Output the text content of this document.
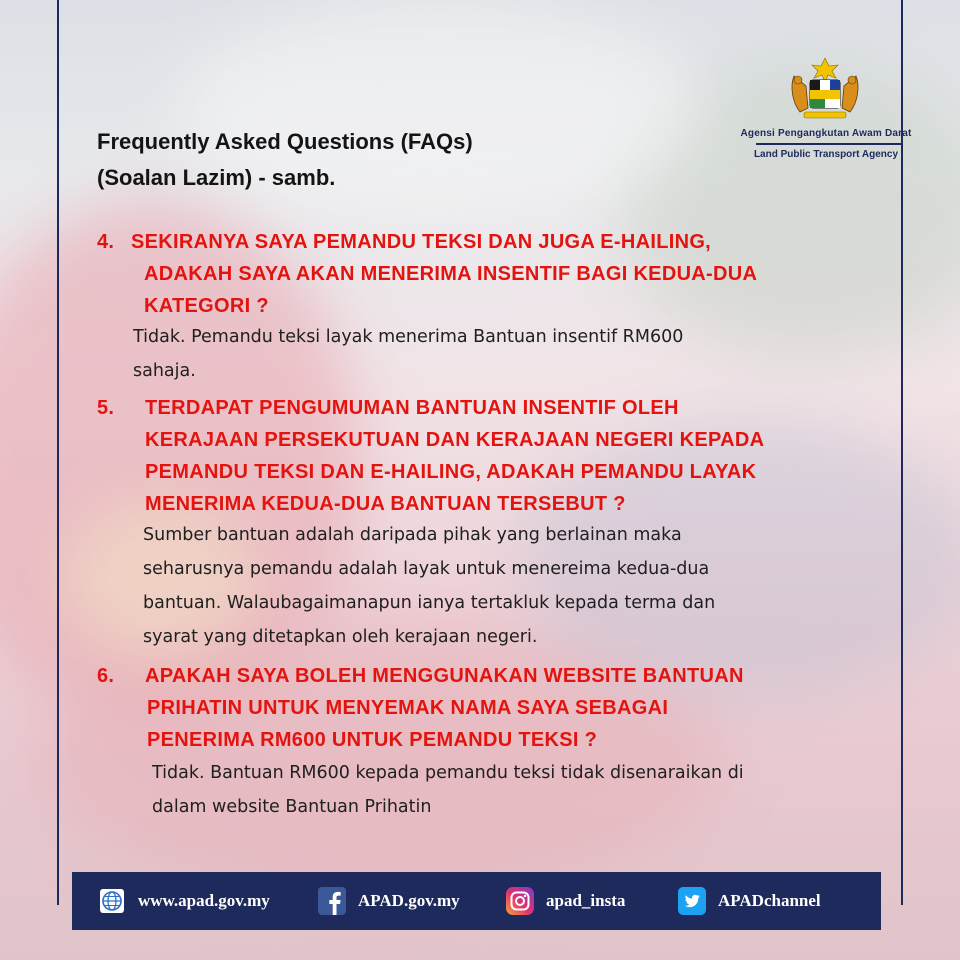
Frequently Asked Questions (FAQs)
(Soalan Lazim) - samb.
Agensi Pengangkutan Awam Darat
Land Public Transport Agency
4. SEKIRANYA SAYA PEMANDU TEKSI DAN JUGA E-HAILING,
ADAKAH SAYA AKAN MENERIMA INSENTIF BAGI KEDUA-DUA
KATEGORI ?
Tidak. Pemandu teksi layak menerima Bantuan insentif RM600
sahaja.
5. TERDAPAT PENGUMUMAN BANTUAN INSENTIF OLEH
KERAJAAN PERSEKUTUAN DAN KERAJAAN NEGERI KEPADA
PEMANDU TEKSI DAN E-HAILING, ADAKAH PEMANDU LAYAK
MENERIMA KEDUA-DUA BANTUAN TERSEBUT ?
Sumber bantuan adalah daripada pihak yang berlainan maka
seharusnya pemandu adalah layak untuk menereima kedua-dua
bantuan. Walaubagaimanapun ianya tertakluk kepada terma dan
syarat yang ditetapkan oleh kerajaan negeri.
6. APAKAH SAYA BOLEH MENGGUNAKAN WEBSITE BANTUAN
PRIHATIN UNTUK MENYEMAK NAMA SAYA SEBAGAI
PENERIMA RM600 UNTUK PEMANDU TEKSI ?
Tidak. Bantuan RM600 kepada pemandu teksi tidak disenaraikan di
dalam website Bantuan Prihatin
www.apad.gov.my	APAD.gov.my	apad_insta	APADchannel
